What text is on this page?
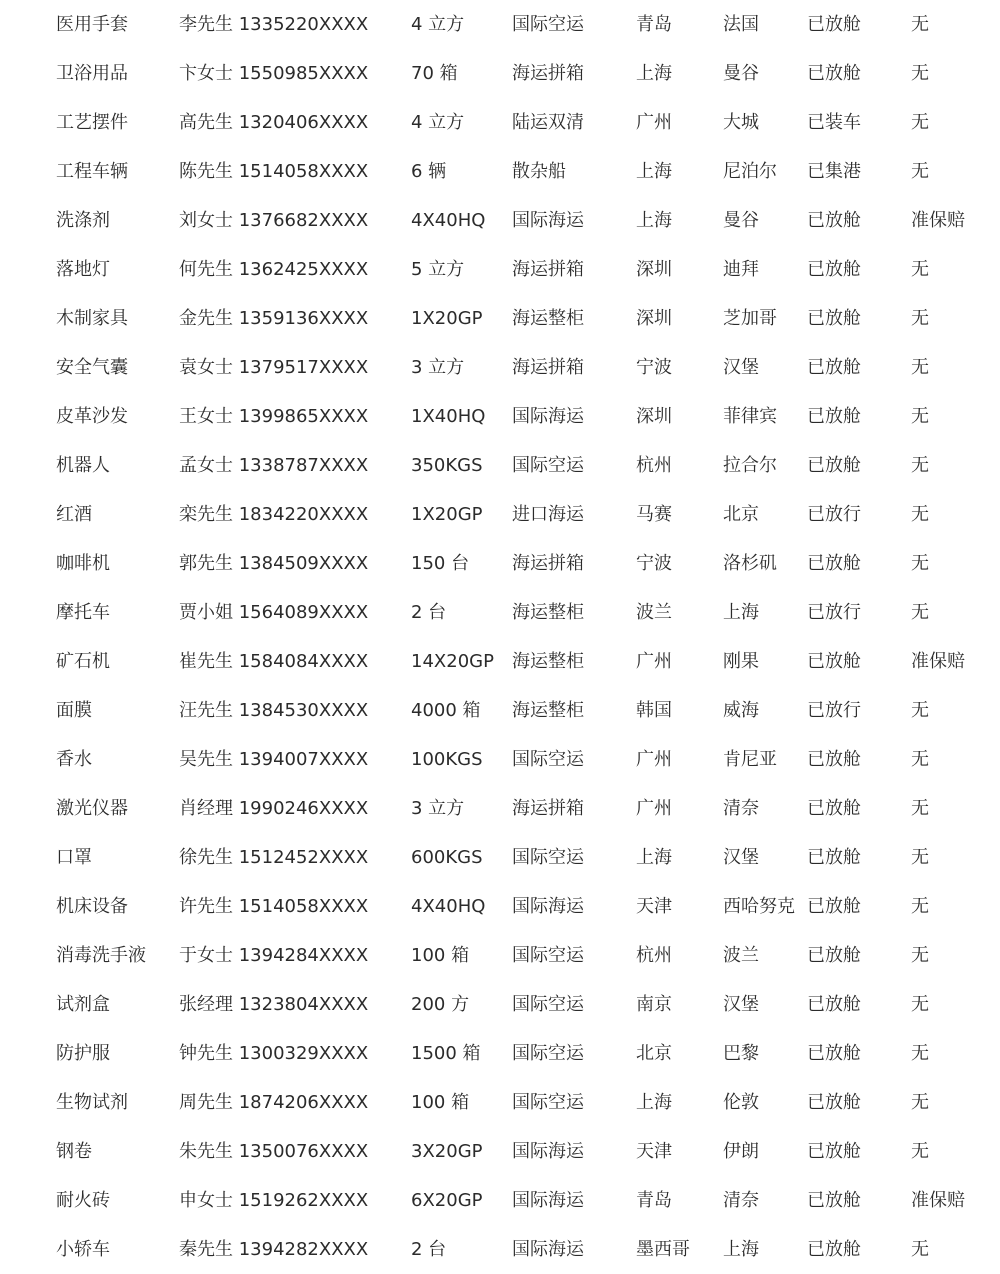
医用手套	李先生 1335220XXXX	4 立方	国际空运	青岛	法国	已放舱	无
卫浴用品	卞女士 1550985XXXX	70 箱	海运拼箱	上海	曼谷	已放舱	无
工艺摆件	高先生 1320406XXXX	4 立方	陆运双清	广州	大城	已装车	无
工程车辆	陈先生 1514058XXXX	6 辆	散杂船	上海	尼泊尔	已集港	无
洗涤剂	刘女士 1376682XXXX	4X40HQ	国际海运	上海	曼谷	已放舱	准保赔
落地灯	何先生 1362425XXXX	5 立方	海运拼箱	深圳	迪拜	已放舱	无
木制家具	金先生 1359136XXXX	1X20GP	海运整柜	深圳	芝加哥	已放舱	无
安全气囊	袁女士 1379517XXXX	3 立方	海运拼箱	宁波	汉堡	已放舱	无
皮革沙发	王女士 1399865XXXX	1X40HQ	国际海运	深圳	菲律宾	已放舱	无
机器人	孟女士 1338787XXXX	350KGS	国际空运	杭州	拉合尔	已放舱	无
红酒	栾先生 1834220XXXX	1X20GP	进口海运	马赛	北京	已放行	无
咖啡机	郭先生 1384509XXXX	150 台	海运拼箱	宁波	洛杉矶	已放舱	无
摩托车	贾小姐 1564089XXXX	2 台	海运整柜	波兰	上海	已放行	无
矿石机	崔先生 1584084XXXX	14X20GP	海运整柜	广州	刚果	已放舱	准保赔
面膜	汪先生 1384530XXXX	4000 箱	海运整柜	韩国	威海	已放行	无
香水	吴先生 1394007XXXX	100KGS	国际空运	广州	肯尼亚	已放舱	无
激光仪器	肖经理 1990246XXXX	3 立方	海运拼箱	广州	清奈	已放舱	无
口罩	徐先生 1512452XXXX	600KGS	国际空运	上海	汉堡	已放舱	无
机床设备	许先生 1514058XXXX	4X40HQ	国际海运	天津	西哈努克	已放舱	无
消毒洗手液	于女士 1394284XXXX	100 箱	国际空运	杭州	波兰	已放舱	无
试剂盒	张经理 1323804XXXX	200 方	国际空运	南京	汉堡	已放舱	无
防护服	钟先生 1300329XXXX	1500 箱	国际空运	北京	巴黎	已放舱	无
生物试剂	周先生 1874206XXXX	100 箱	国际空运	上海	伦敦	已放舱	无
钢卷	朱先生 1350076XXXX	3X20GP	国际海运	天津	伊朗	已放舱	无
耐火砖	申女士 1519262XXXX	6X20GP	国际海运	青岛	清奈	已放舱	准保赔
小轿车	秦先生 1394282XXXX	2 台	国际海运	墨西哥	上海	已放舱	无
